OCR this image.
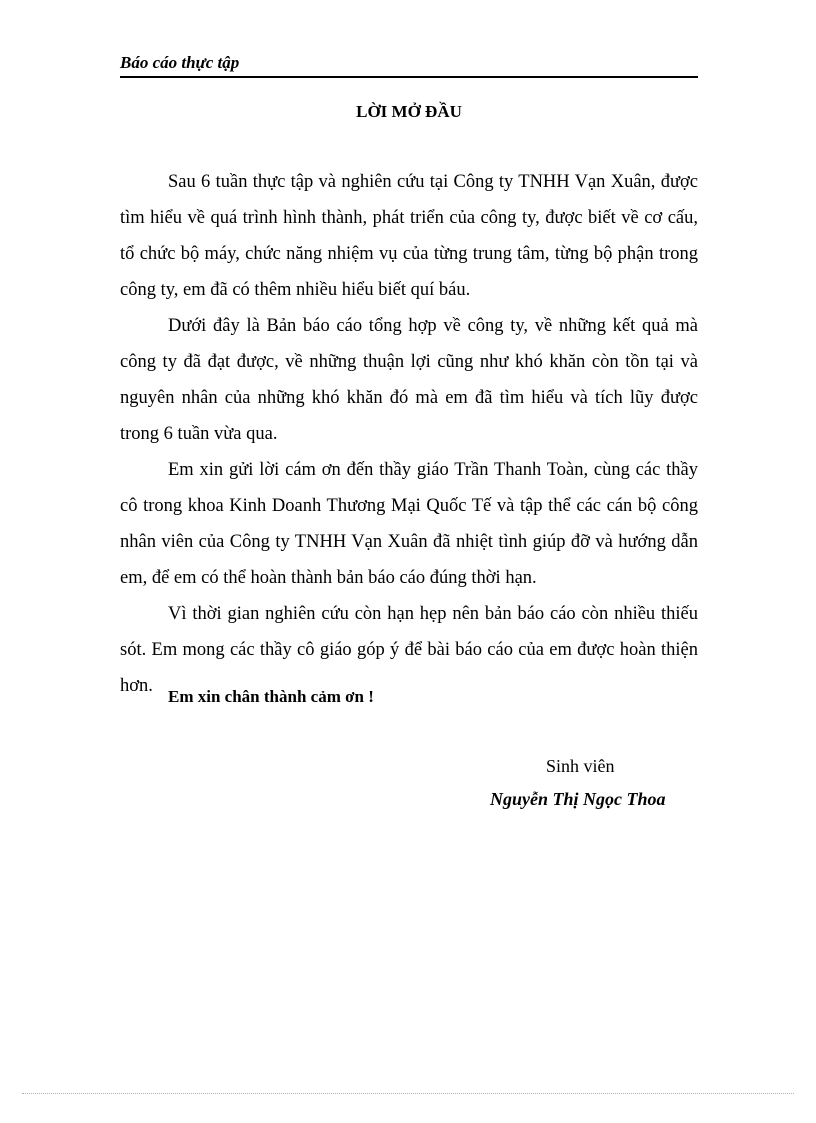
Báo cáo thực tập
LỜI MỞ ĐẦU

Sau 6 tuần thực tập và nghiên cứu tại Công ty TNHH Vạn Xuân, được tìm hiểu về quá trình hình thành, phát triển của công ty, được biết về cơ cấu, tổ chức bộ máy, chức năng nhiệm vụ của từng trung tâm, từng bộ phận trong công ty, em đã có thêm nhiều hiểu biết quí báu.

Dưới đây là Bản báo cáo tổng hợp về công ty, về những kết quả mà công ty đã đạt được, về những thuận lợi cũng như khó khăn còn tồn tại và nguyên nhân của những khó khăn đó mà em đã tìm hiểu và tích lũy được trong 6 tuần vừa qua.

Em xin gửi lời cám ơn đến thầy giáo Trần Thanh Toàn, cùng các thầy cô trong khoa Kinh Doanh Thương Mại Quốc Tế và tập thể các cán bộ công nhân viên của Công ty TNHH Vạn Xuân đã nhiệt tình giúp đỡ và hướng dẫn em, để em có thể hoàn thành bản báo cáo đúng thời hạn.

Vì thời gian nghiên cứu còn hạn hẹp nên bản báo cáo còn nhiều thiếu sót. Em mong các thầy cô giáo góp ý để bài báo cáo của em được hoàn thiện hơn.

Em xin chân thành cảm ơn !
Sinh viên
Nguyễn Thị Ngọc Thoa
